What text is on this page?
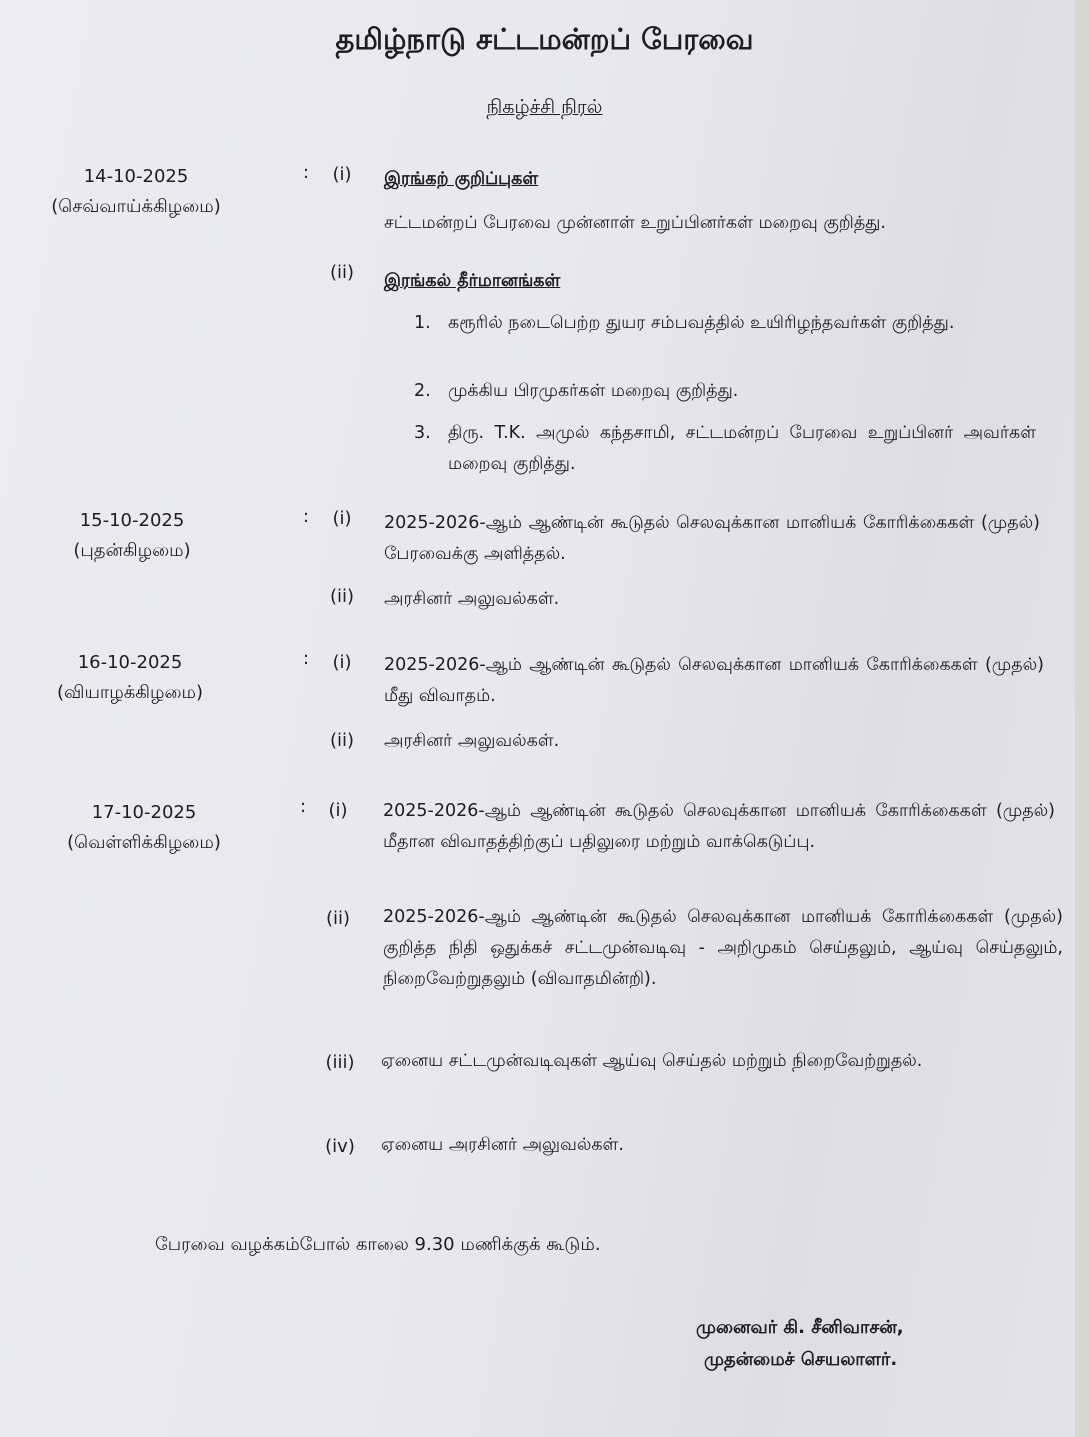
தமிழ்நாடு சட்டமன்றப் பேரவை
நிகழ்ச்சி நிரல்
14-10-2025
(செவ்வாய்க்கிழமை)
:	(i)	இரங்கற் குறிப்புகள்
சட்டமன்றப் பேரவை முன்னாள் உறுப்பினர்கள் மறைவு குறித்து.
(ii)	இரங்கல் தீர்மானங்கள்
1. கரூரில் நடைபெற்ற துயர சம்பவத்தில் உயிரிழந்தவர்கள் குறித்து.
2. முக்கிய பிரமுகர்கள் மறைவு குறித்து.
3. திரு. T.K. அமுல் கந்தசாமி, சட்டமன்றப் பேரவை உறுப்பினர் அவர்கள் மறைவு குறித்து.
15-10-2025
(புதன்கிழமை)
:	(i)	2025-2026-ஆம் ஆண்டின் கூடுதல் செலவுக்கான மானியக் கோரிக்கைகள் (முதல்) பேரவைக்கு அளித்தல்.
(ii)	அரசினர் அலுவல்கள்.
16-10-2025
(வியாழக்கிழமை)
:	(i)	2025-2026-ஆம் ஆண்டின் கூடுதல் செலவுக்கான மானியக் கோரிக்கைகள் (முதல்) மீது விவாதம்.
(ii)	அரசினர் அலுவல்கள்.
17-10-2025
(வெள்ளிக்கிழமை)
:	(i)	2025-2026-ஆம் ஆண்டின் கூடுதல் செலவுக்கான மானியக் கோரிக்கைகள் (முதல்) மீதான விவாதத்திற்குப் பதிலுரை மற்றும் வாக்கெடுப்பு.
(ii)	2025-2026-ஆம் ஆண்டின் கூடுதல் செலவுக்கான மானியக் கோரிக்கைகள் (முதல்) குறித்த நிதி ஒதுக்கச் சட்டமுன்வடிவு - அறிமுகம் செய்தலும், ஆய்வு செய்தலும், நிறைவேற்றுதலும் (விவாதமின்றி).
(iii)	ஏனைய சட்டமுன்வடிவுகள் ஆய்வு செய்தல் மற்றும் நிறைவேற்றுதல்.
(iv) ஏனைய அரசினர் அலுவல்கள்.
பேரவை வழக்கம்போல் காலை 9.30 மணிக்குக் கூடும்.
முனைவர் கி. சீனிவாசன்,
முதன்மைச் செயலாளர்.
